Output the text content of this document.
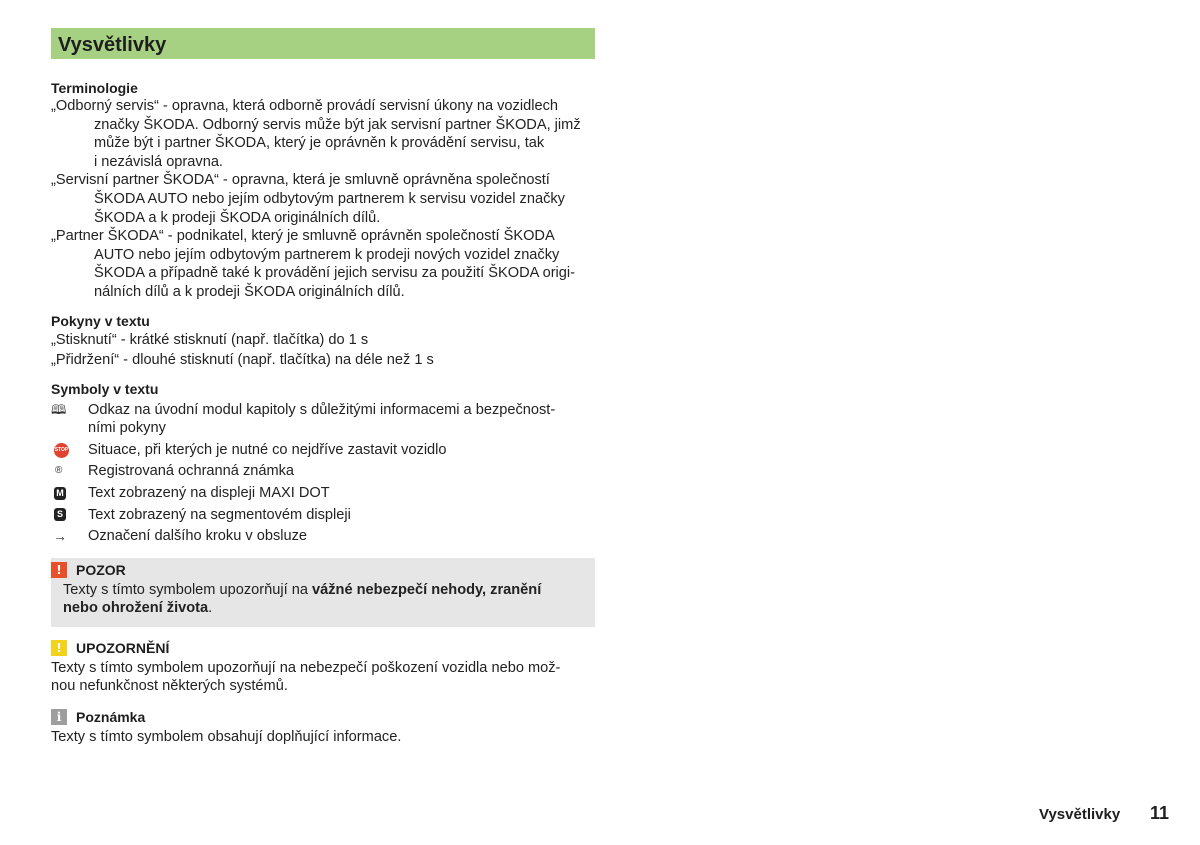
Vysvětlivky
Terminologie
„Odborný servis“ - opravna, která odborně provádí servisní úkony na vozidlech
značky ŠKODA. Odborný servis může být jak servisní partner ŠKODA, jimž
může být i partner ŠKODA, který je oprávněn k provádění servisu, tak
i nezávislá opravna.
„Servisní partner ŠKODA“ - opravna, která je smluvně oprávněna společností
ŠKODA AUTO nebo jejím odbytovým partnerem k servisu vozidel značky
ŠKODA a k prodeji ŠKODA originálních dílů.
„Partner ŠKODA“ - podnikatel, který je smluvně oprávněn společností ŠKODA
AUTO nebo jejím odbytovým partnerem k prodeji nových vozidel značky
ŠKODA a případně také k provádění jejich servisu za použití ŠKODA origi-
nálních dílů a k prodeji ŠKODA originálních dílů.
Pokyny v textu
„Stisknutí“ - krátké stisknutí (např. tlačítka) do 1 s
„Přidržení“ - dlouhé stisknutí (např. tlačítka) na déle než 1 s
Symboly v textu
🕮 Odkaz na úvodní modul kapitoly s důležitými informacemi a bezpečnost-
ními pokyny
STOP Situace, při kterých je nutné co nejdříve zastavit vozidlo
® Registrovaná ochranná známka
M Text zobrazený na displeji MAXI DOT
S Text zobrazený na segmentovém displeji
→ Označení dalšího kroku v obsluze
!	POZOR
Texty s tímto symbolem upozorňují na vážné nebezpečí nehody, zranění
nebo ohrožení života.
!	UPOZORNĚNÍ
Texty s tímto symbolem upozorňují na nebezpečí poškození vozidla nebo mož-
nou nefunkčnost některých systémů.
i	Poznámka
Texty s tímto symbolem obsahují doplňující informace.
Vysvětlivky 11
